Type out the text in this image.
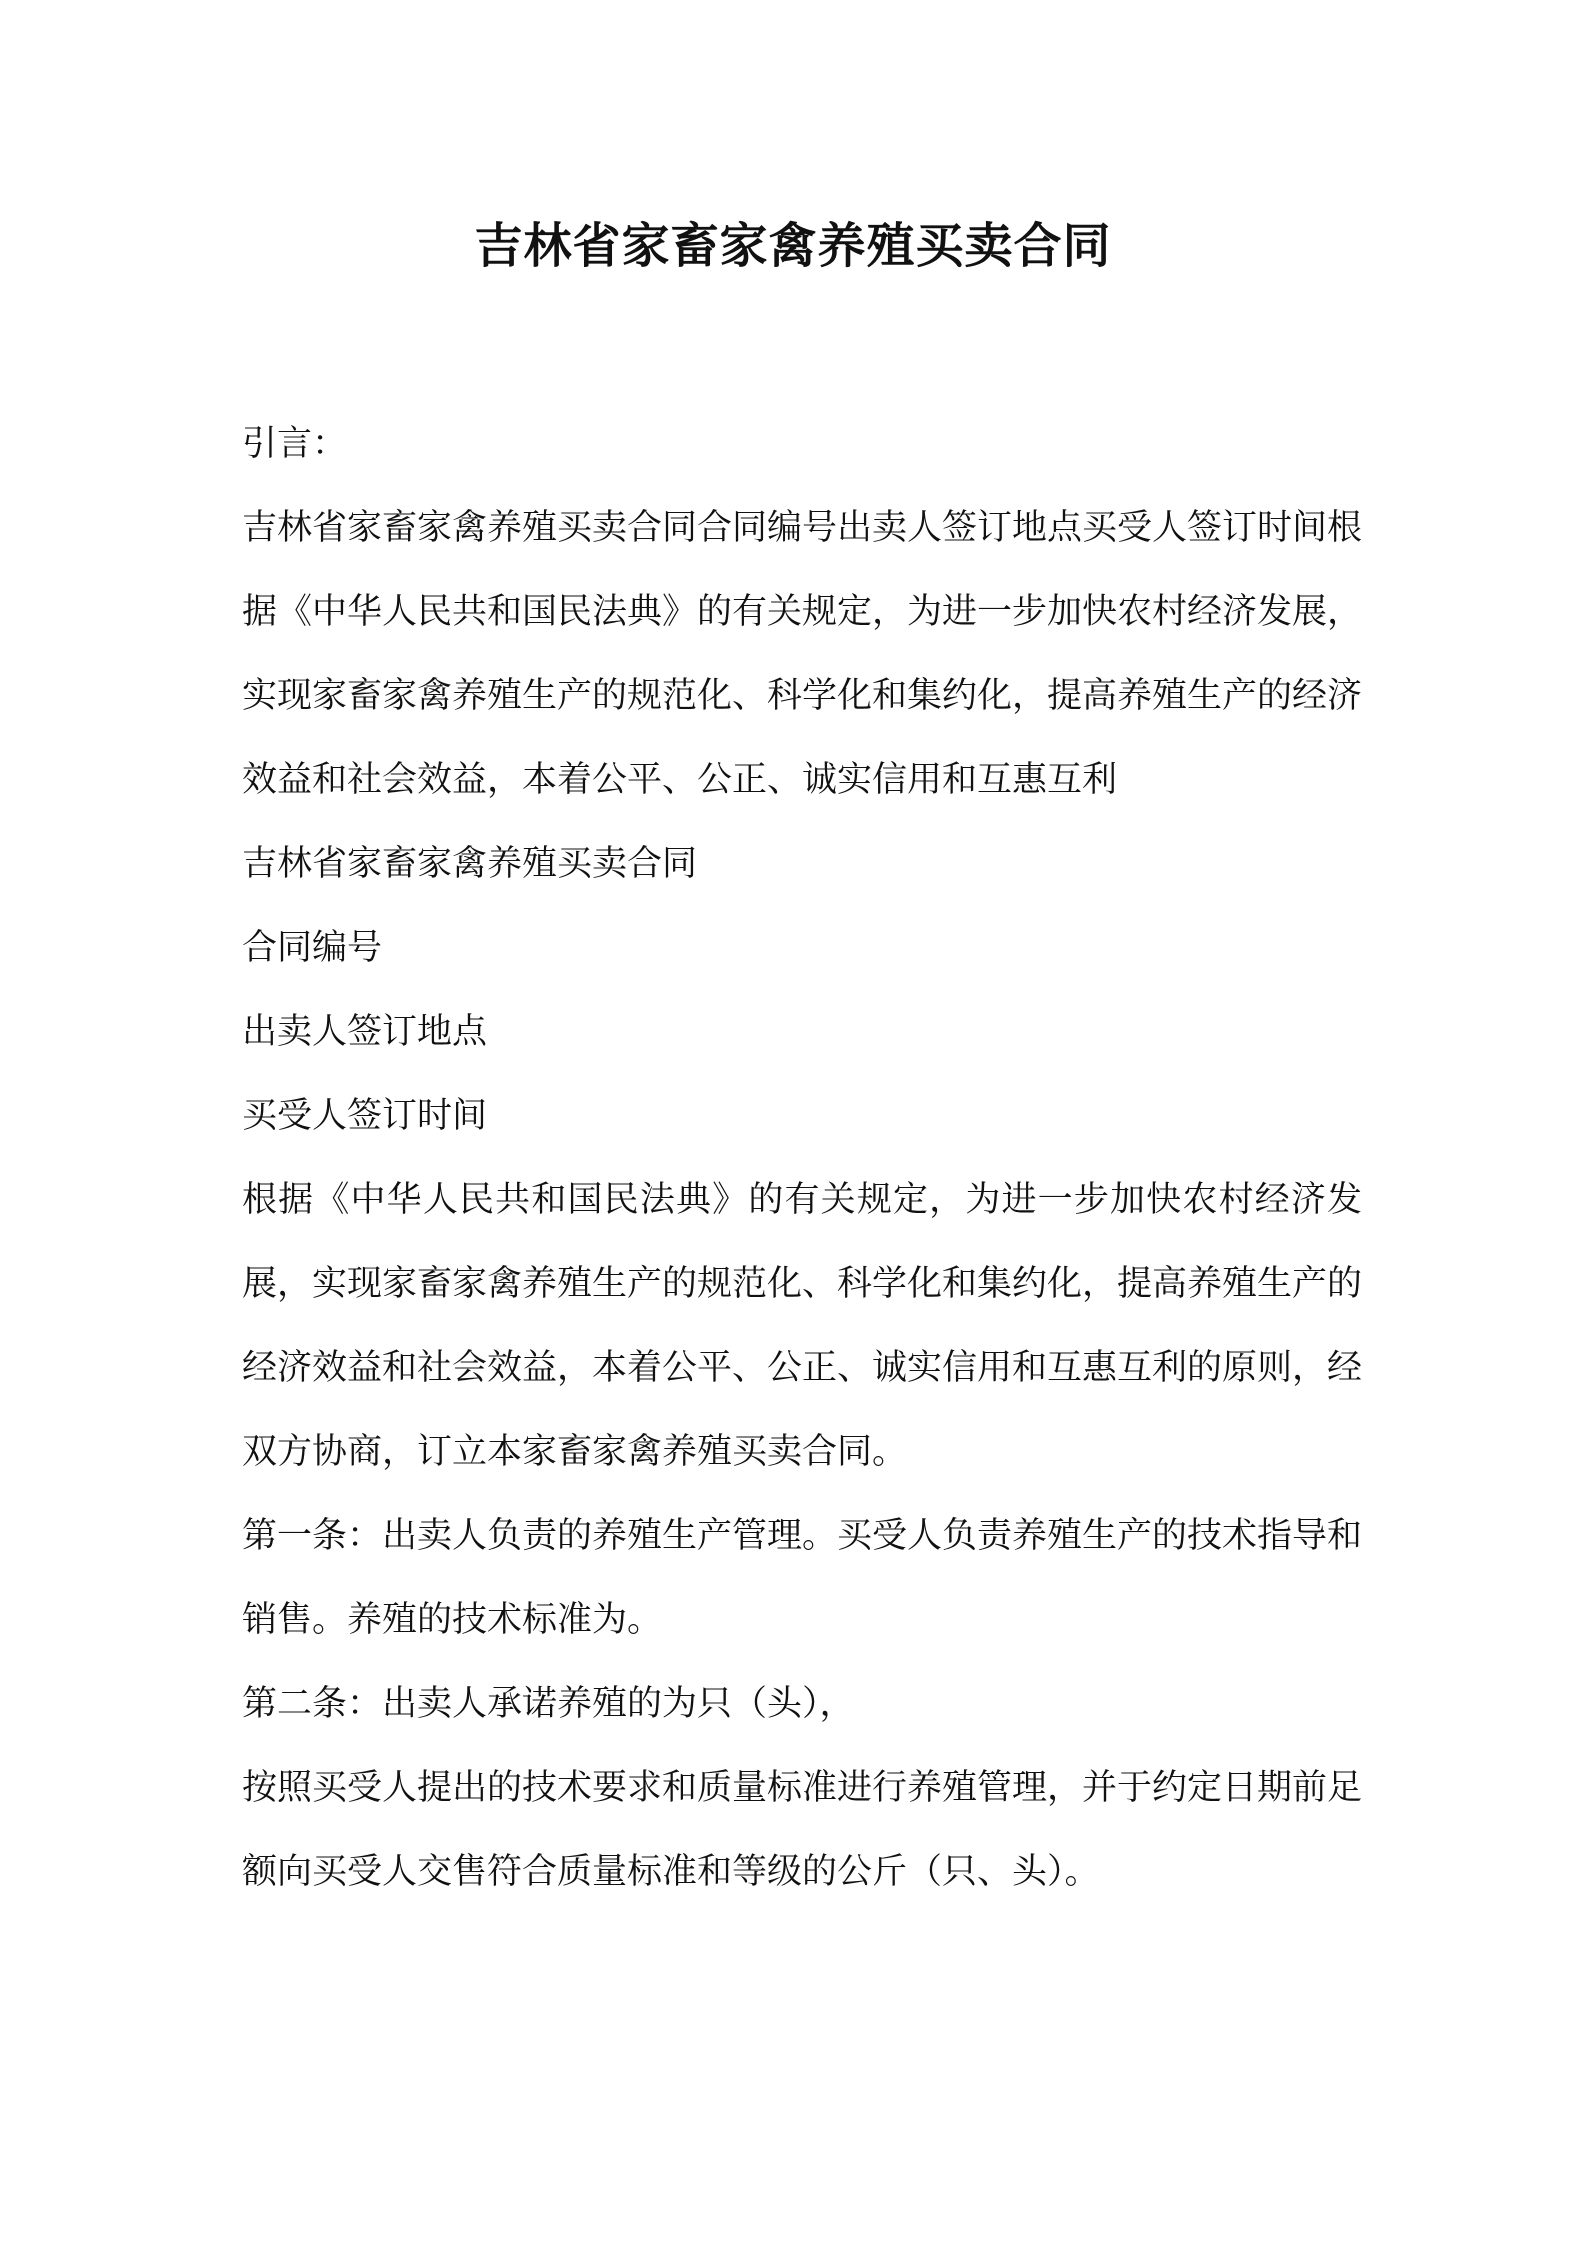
吉林省家畜家禽养殖买卖合同

引言：

吉林省家畜家禽养殖买卖合同合同编号出卖人签订地点买受人签订时间根据《中华人民共和国民法典》的有关规定，为进一步加快农村经济发展，实现家畜家禽养殖生产的规范化、科学化和集约化，提高养殖生产的经济效益和社会效益，本着公平、公正、诚实信用和互惠互利

吉林省家畜家禽养殖买卖合同

合同编号

出卖人签订地点

买受人签订时间

根据《中华人民共和国民法典》的有关规定，为进一步加快农村经济发展，实现家畜家禽养殖生产的规范化、科学化和集约化，提高养殖生产的经济效益和社会效益，本着公平、公正、诚实信用和互惠互利的原则，经双方协商，订立本家畜家禽养殖买卖合同。

第一条：出卖人负责的养殖生产管理。买受人负责养殖生产的技术指导和销售。养殖的技术标准为。

第二条：出卖人承诺养殖的为只（头），

按照买受人提出的技术要求和质量标准进行养殖管理，并于约定日期前足额向买受人交售符合质量标准和等级的公斤（只、头）。
